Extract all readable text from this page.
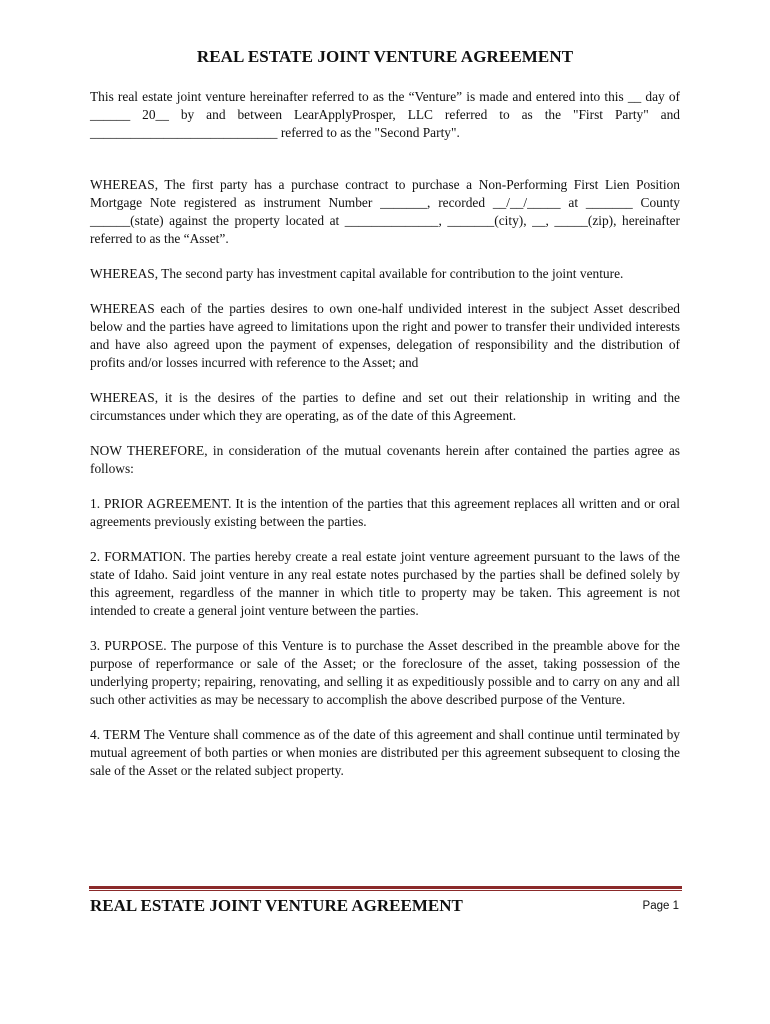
REAL ESTATE JOINT VENTURE AGREEMENT

This real estate joint venture hereinafter referred to as the “Venture” is made and entered into this __ day of ______ 20__ by and between LearApplyProsper, LLC referred to as the "First Party" and ____________________________ referred to as the "Second Party".

WHEREAS, The first party has a purchase contract to purchase a Non-Performing First Lien Position Mortgage Note registered as instrument Number _______, recorded __/__/_____ at _______ County ______(state) against the property located at ______________, _______(city), __, _____(zip), hereinafter referred to as the “Asset”.

WHEREAS, The second party has investment capital available for contribution to the joint venture.

WHEREAS each of the parties desires to own one-half undivided interest in the subject Asset described below and the parties have agreed to limitations upon the right and power to transfer their undivided interests and have also agreed upon the payment of expenses, delegation of responsibility and the distribution of profits and/or losses incurred with reference to the Asset; and

WHEREAS, it is the desires of the parties to define and set out their relationship in writing and the circumstances under which they are operating, as of the date of this Agreement.

NOW THEREFORE, in consideration of the mutual covenants herein after contained the parties agree as follows:

1. PRIOR AGREEMENT. It is the intention of the parties that this agreement replaces all written and or oral agreements previously existing between the parties.

2. FORMATION. The parties hereby create a real estate joint venture agreement pursuant to the laws of the state of Idaho. Said joint venture in any real estate notes purchased by the parties shall be defined solely by this agreement, regardless of the manner in which title to property may be taken. This agreement is not intended to create a general joint venture between the parties.

3. PURPOSE. The purpose of this Venture is to purchase the Asset described in the preamble above for the purpose of reperformance or sale of the Asset; or the foreclosure of the asset, taking possession of the underlying property; repairing, renovating, and selling it as expeditiously possible and to carry on any and all such other activities as may be necessary to accomplish the above described purpose of the Venture.

4. TERM The Venture shall commence as of the date of this agreement and shall continue until terminated by mutual agreement of both parties or when monies are distributed per this agreement subsequent to closing the sale of the Asset or the related subject property.

REAL ESTATE JOINT VENTURE AGREEMENT	Page 1
